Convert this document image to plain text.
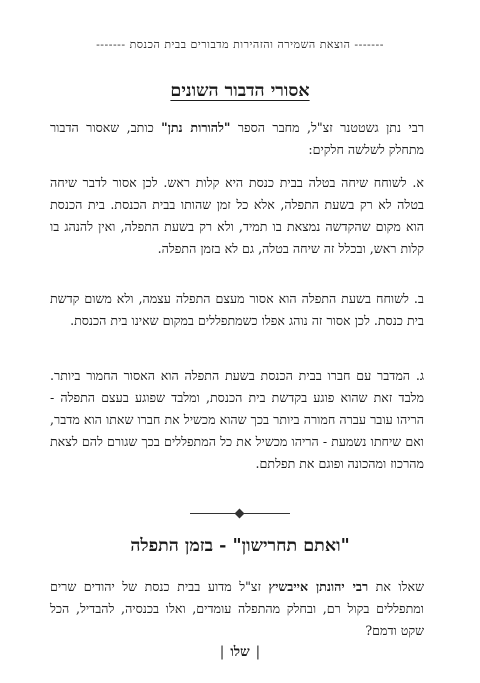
------- הוצאת השמירה והזהירות מדבורים בבית הכנסת -------
אסורי הדבור השונים

רבי נתן גשטטנר זצ"ל, מחבר הספר "להורות נתן" כותב, שאסור הדבור מתחלק לשלשה חלקים:

א. לשוחח שיחה בטלה בבית כנסת היא קלות ראש. לכן אסור לדבר שיחה בטלה לא רק בשעת התפלה, אלא כל זמן שהותו בבית הכנסת. בית הכנסת הוא מקום שהקדשה נמצאת בו תמיד, ולא רק בשעת התפלה, ואין להנהג בו קלות ראש, ובכלל זה שיחה בטלה, גם לא בזמן התפלה.

ב. לשוחח בשעת התפלה הוא אסור מעצם התפלה עצמה, ולא משום קדשת בית כנסת. לכן אסור זה נוהג אפלו כשמתפללים במקום שאינו בית הכנסת.

ג. המדבר עם חברו בבית הכנסת בשעת התפלה הוא האסור החמור ביותר. מלבד זאת שהוא פוגע בקדשת בית הכנסת, ומלבד שפוגע בעצם התפלה - הריהו עובר עברה חמורה ביותר בכך שהוא מכשיל את חברו שאתו הוא מדבר, ואם שיחתו נשמעת - הריהו מכשיל את כל המתפללים בכך שגורם להם לצאת מהרכוז ומהכונה ופוגם את תפלתם.

"ואתם תחרישון" - בזמן התפלה

שאלו את רבי יהונתן אייבשיץ זצ"ל מדוע בבית כנסת של יהודים שרים ומתפללים בקול רם, ובחלק מהתפלה עומדים, ואלו בכנסיה, להבדיל, הכל שקט ודמם?

|שלו|
